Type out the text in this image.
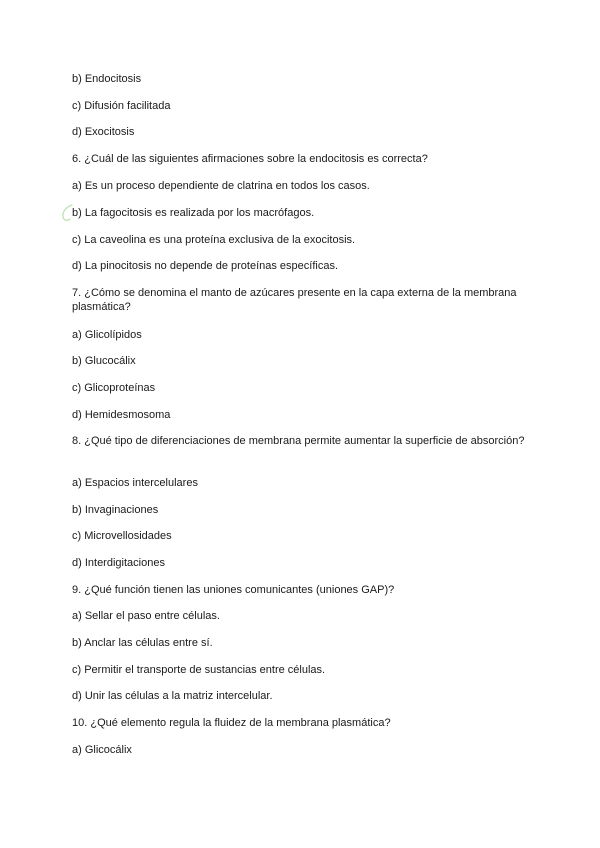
b) Endocitosis
c) Difusión facilitada
d) Exocitosis
6. ¿Cuál de las siguientes afirmaciones sobre la endocitosis es correcta?
a) Es un proceso dependiente de clatrina en todos los casos.
b) La fagocitosis es realizada por los macrófagos.
c) La caveolina es una proteína exclusiva de la exocitosis.
d) La pinocitosis no depende de proteínas específicas.
7. ¿Cómo se denomina el manto de azúcares presente en la capa externa de la membrana plasmática?
a) Glicolípidos
b) Glucocálix
c) Glicoproteínas
d) Hemidesmosoma
8. ¿Qué tipo de diferenciaciones de membrana permite aumentar la superficie de absorción?
a) Espacios intercelulares
b) Invaginaciones
c) Microvellosidades
d) Interdigitaciones
9. ¿Qué función tienen las uniones comunicantes (uniones GAP)?
a) Sellar el paso entre células.
b) Anclar las células entre sí.
c) Permitir el transporte de sustancias entre células.
d) Unir las células a la matriz intercelular.
10. ¿Qué elemento regula la fluidez de la membrana plasmática?
a) Glicocálix
